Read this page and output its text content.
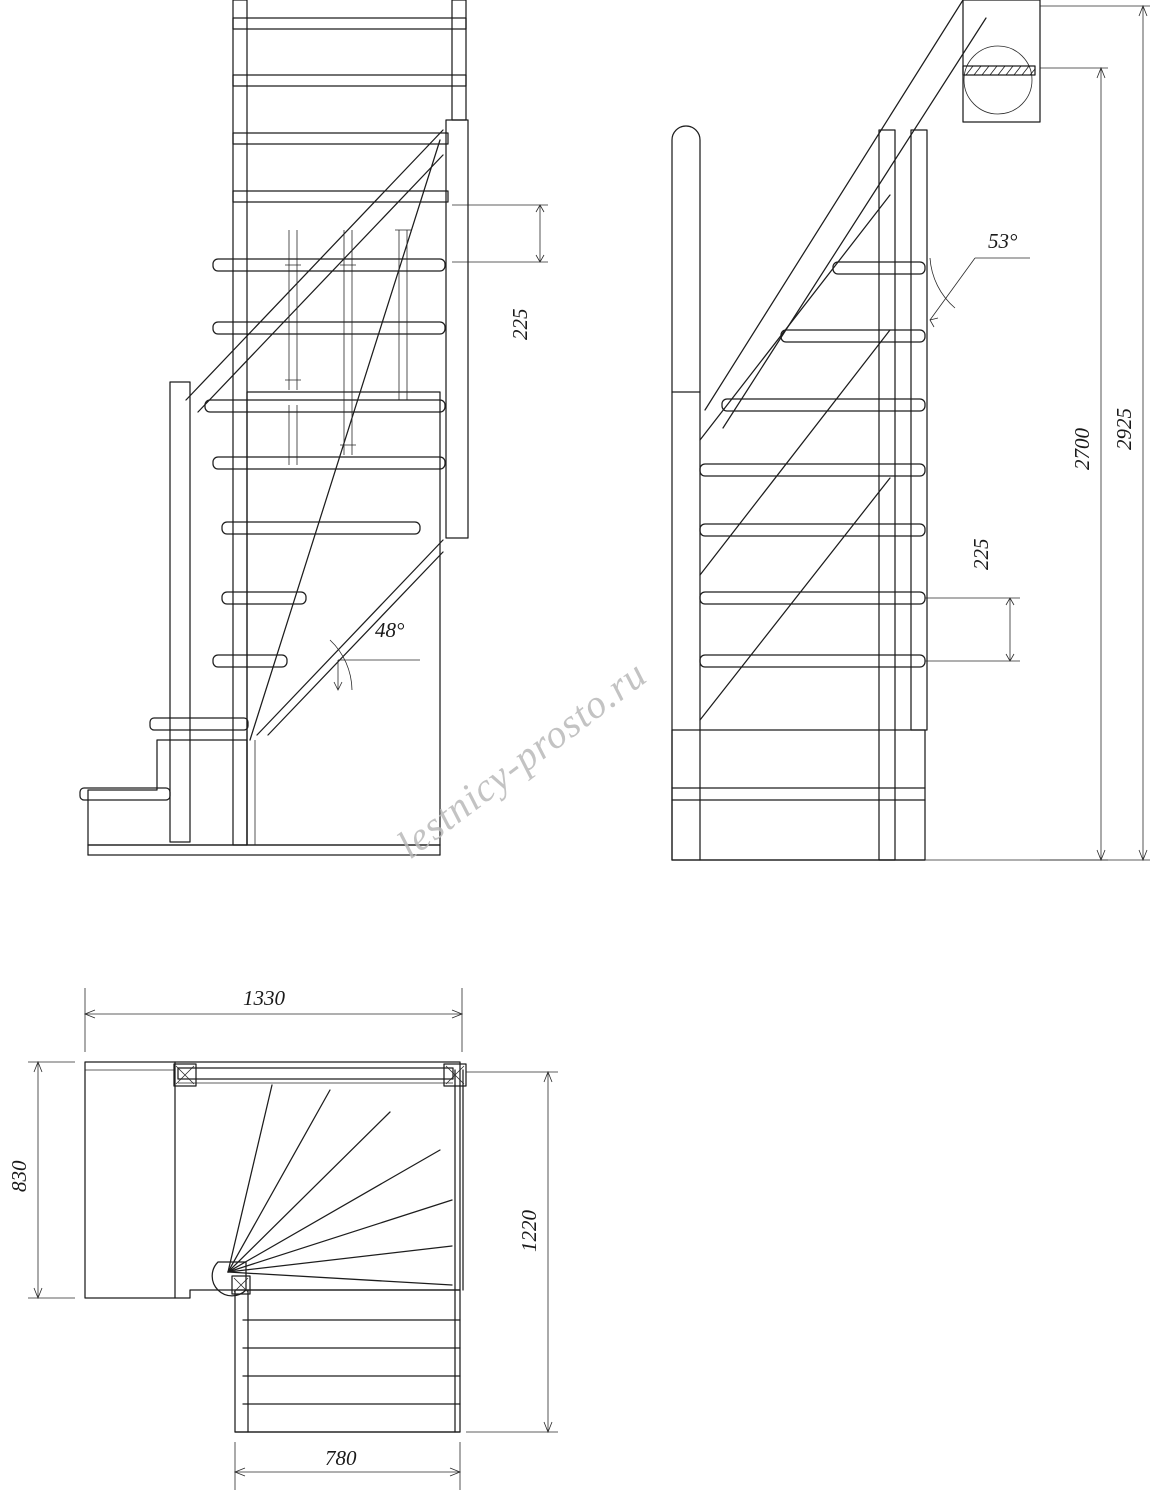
225
48°
53°
225
2700 2925
1330
830
1220
780
lestnicy-prosto.ru
